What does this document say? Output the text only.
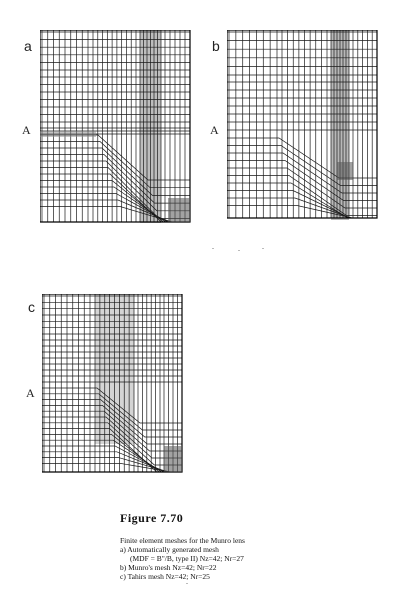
a	b
c
A	A
A
Figure 7.70
Finite element meshes for the Munro lens
a) Automatically generated mesh
(MDF = B"/B, type II) Nz=42; Nr=27
b) Munro's mesh Nz=42; Nr=22
c) Tahirs mesh Nz=42; Nr=25
